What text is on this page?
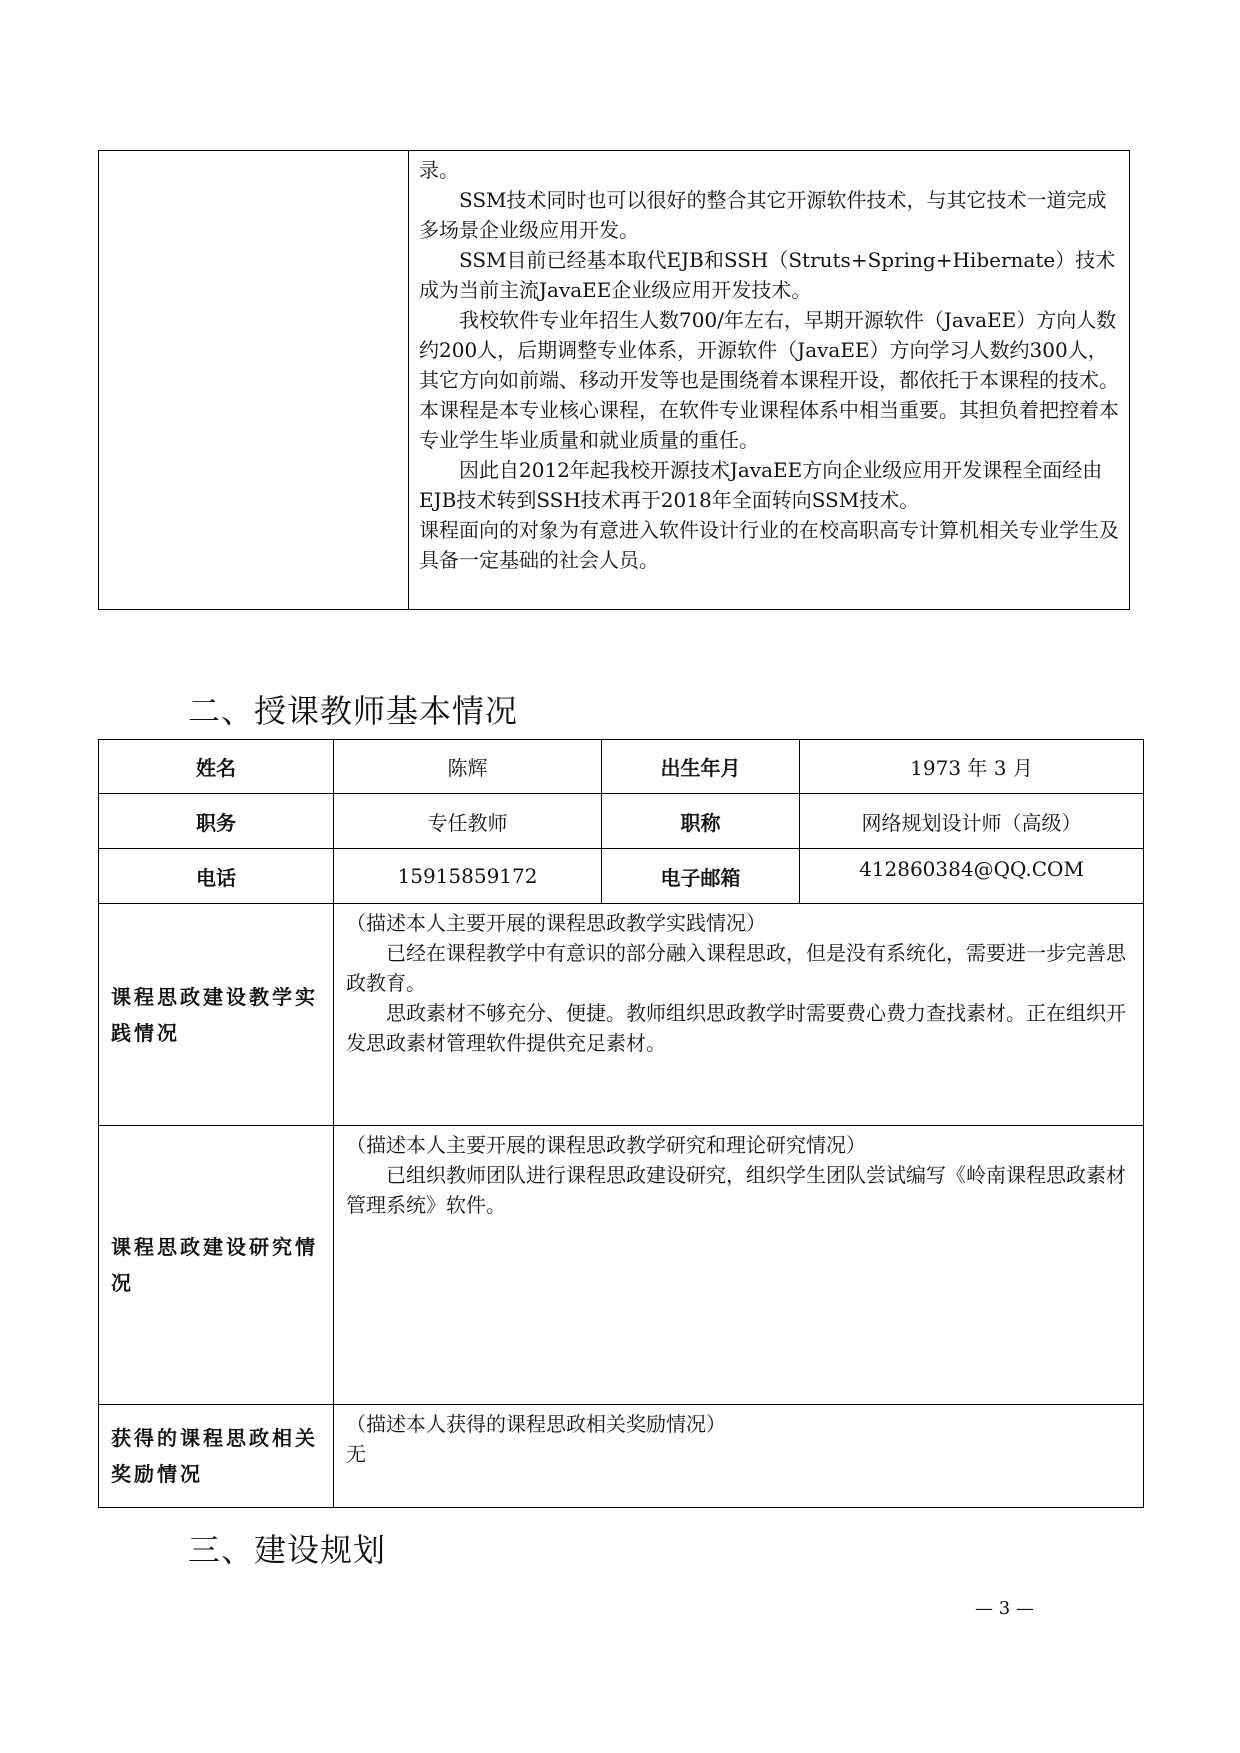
录。

SSM技术同时也可以很好的整合其它开源软件技术，与其它技术一道完成多场景企业级应用开发。

SSM目前已经基本取代EJB和SSH（Struts+Spring+Hibernate）技术成为当前主流JavaEE企业级应用开发技术。

我校软件专业年招生人数700/年左右，早期开源软件（JavaEE）方向人数约200人，后期调整专业体系，开源软件（JavaEE）方向学习人数约300人，其它方向如前端、移动开发等也是围绕着本课程开设，都依托于本课程的技术。本课程是本专业核心课程，在软件专业课程体系中相当重要。其担负着把控着本专业学生毕业质量和就业质量的重任。

因此自2012年起我校开源技术JavaEE方向企业级应用开发课程全面经由EJB技术转到SSH技术再于2018年全面转向SSM技术。

课程面向的对象为有意进入软件设计行业的在校高职高专计算机相关专业学生及具备一定基础的社会人员。

二、授课教师基本情况
姓名	陈辉	出生年月	1973 年 3 月
职务	专任教师	职称	网络规划设计师（高级）
电话	15915859172	电子邮箱	412860384@QQ.COM
课程思政建设教学实践情况	（描述本人主要开展的课程思政教学实践情况）

已经在课程教学中有意识的部分融入课程思政，但是没有系统化，需要进一步完善思政教育。

思政素材不够充分、便捷。教师组织思政教学时需要费心费力查找素材。正在组织开发思政素材管理软件提供充足素材。		

课程思政建设研究情况	（描述本人主要开展的课程思政教学研究和理论研究情况）

已组织教师团队进行课程思政建设研究，组织学生团队尝试编写《岭南课程思政素材管理系统》软件。		

获得的课程思政相关奖励情况	（描述本人获得的课程思政相关奖励情况）

无		

三、建设规划
— 3 —
